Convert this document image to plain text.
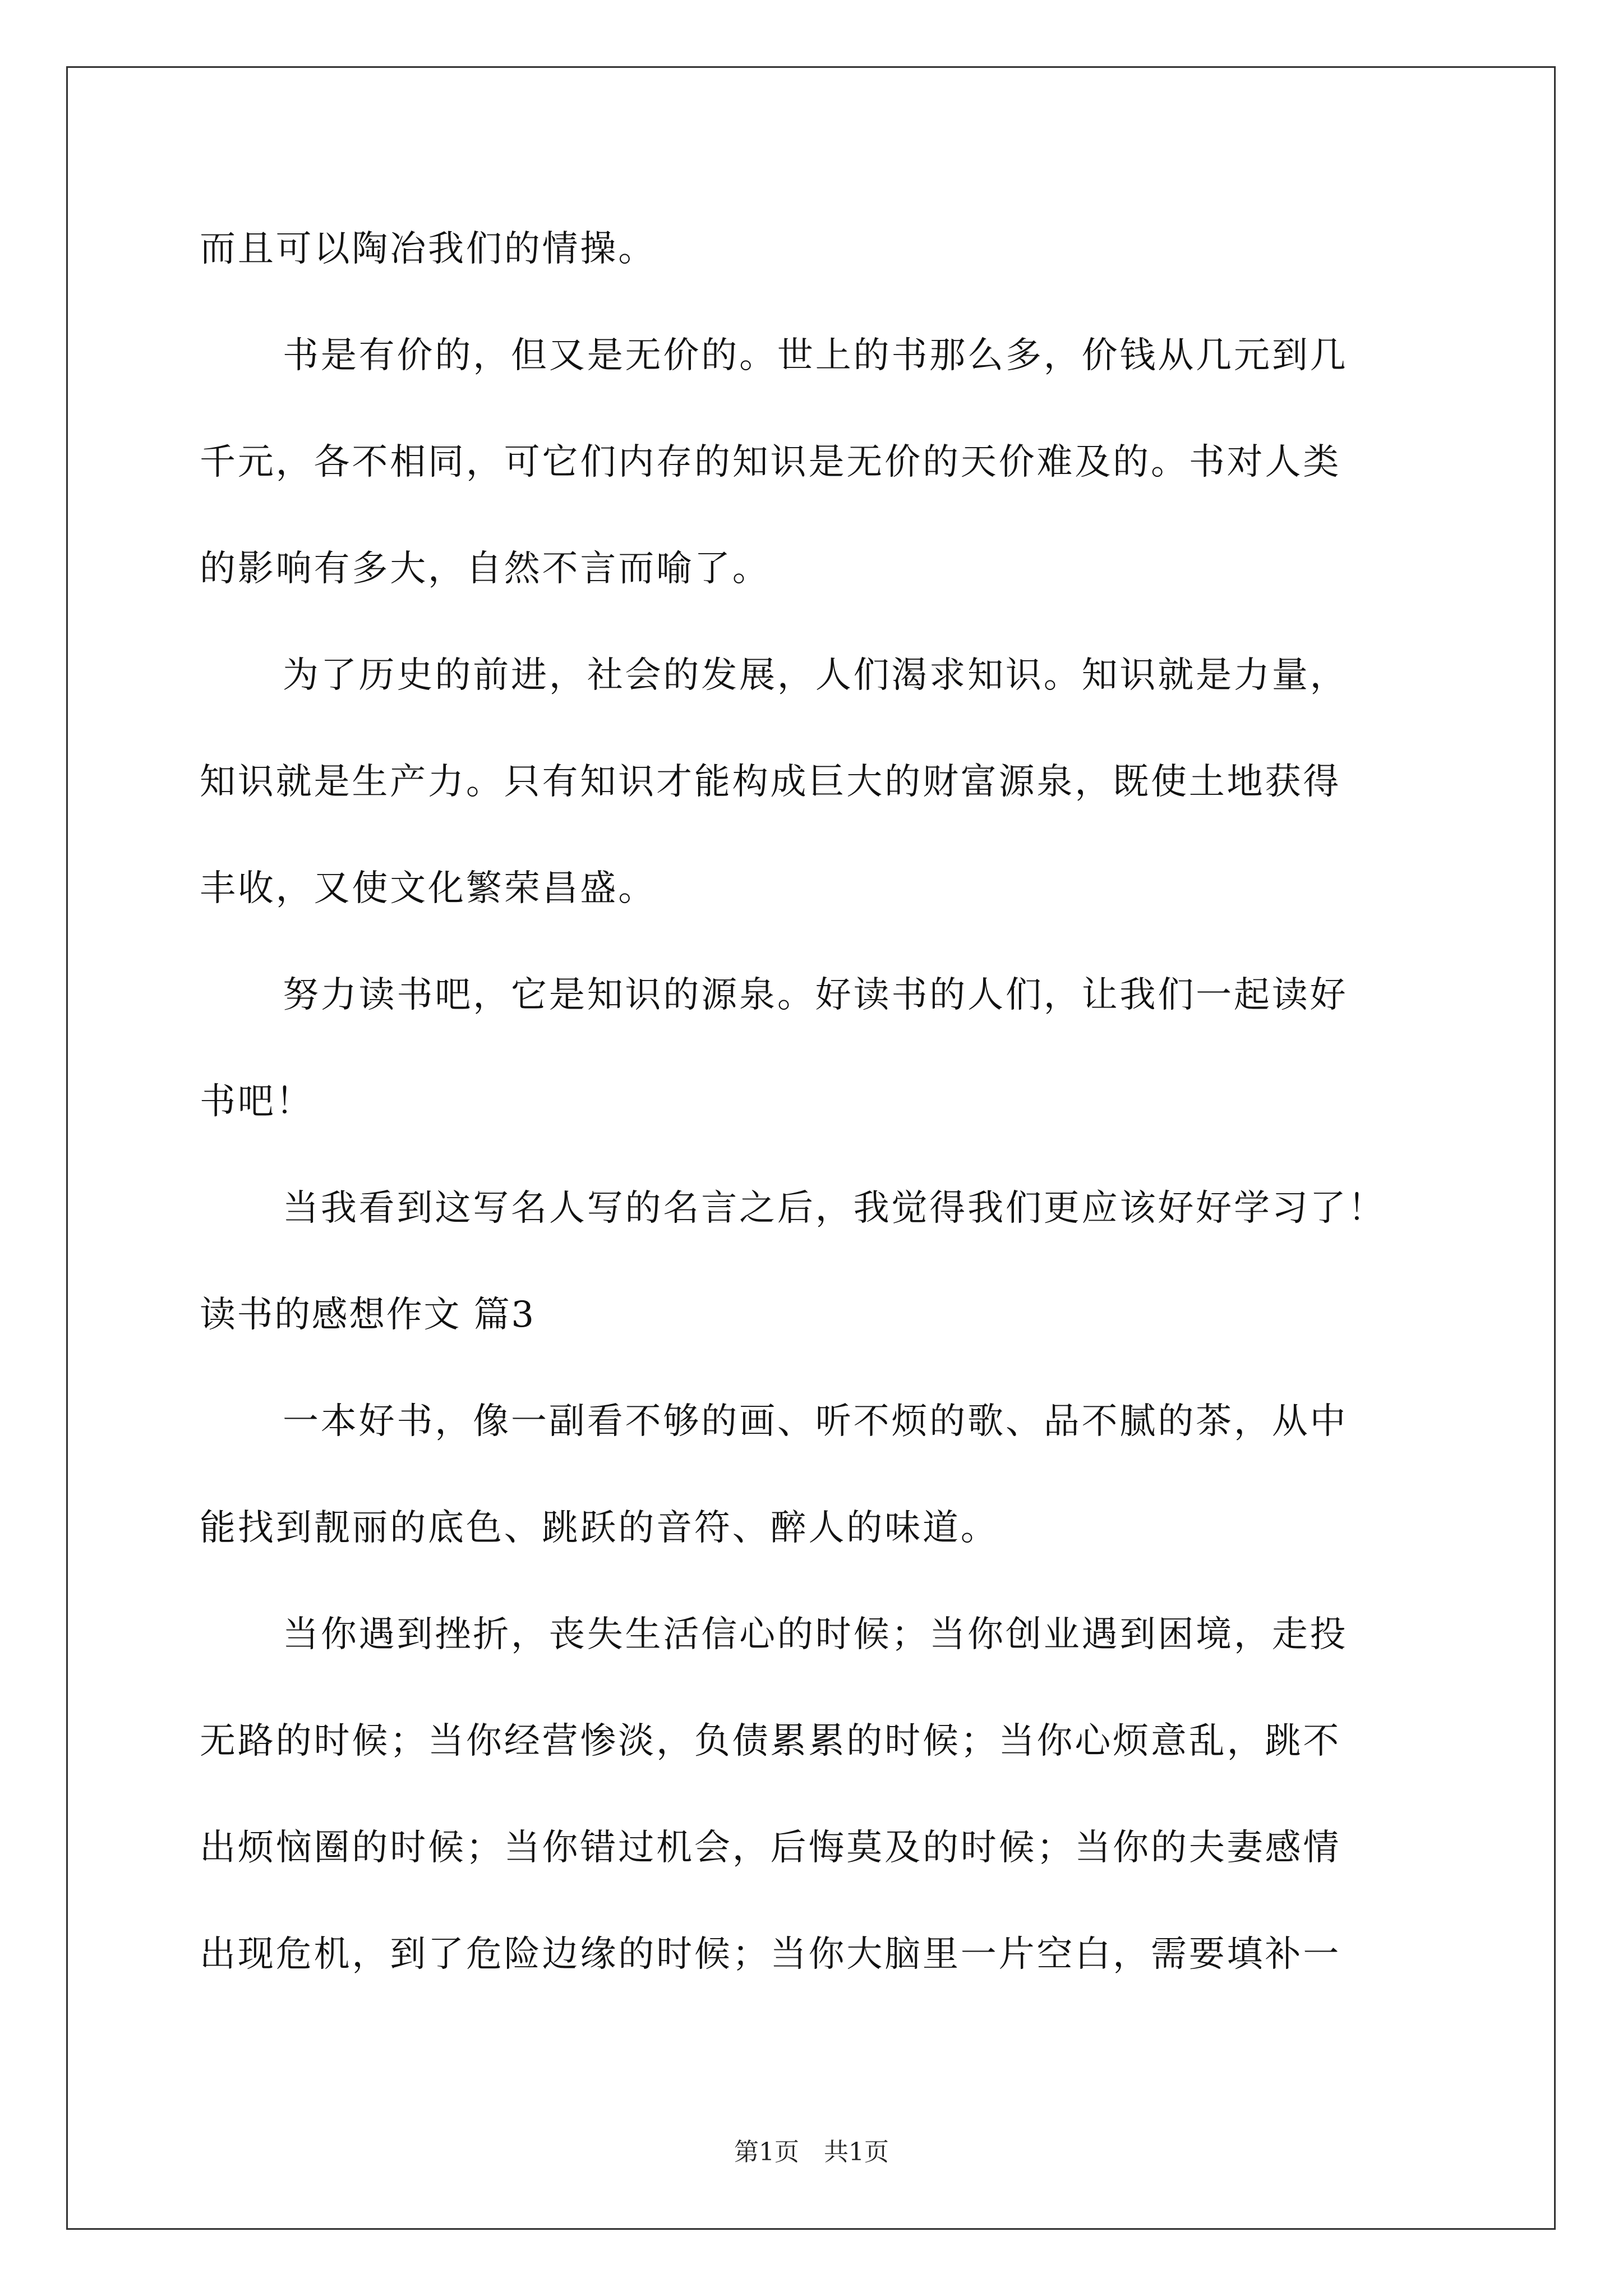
而且可以陶冶我们的情操。
书是有价的，但又是无价的。世上的书那么多，价钱从几元到几
千元，各不相同，可它们内存的知识是无价的天价难及的。书对人类
的影响有多大，自然不言而喻了。
为了历史的前进，社会的发展，人们渴求知识。知识就是力量，
知识就是生产力。只有知识才能构成巨大的财富源泉，既使土地获得
丰收，又使文化繁荣昌盛。
努力读书吧，它是知识的源泉。好读书的人们，让我们一起读好
书吧！
当我看到这写名人写的名言之后，我觉得我们更应该好好学习了！
读书的感想作文 篇3
一本好书，像一副看不够的画、听不烦的歌、品不腻的茶，从中
能找到靓丽的底色、跳跃的音符、醉人的味道。
当你遇到挫折，丧失生活信心的时候；当你创业遇到困境，走投
无路的时候；当你经营惨淡，负债累累的时候；当你心烦意乱，跳不
出烦恼圈的时候；当你错过机会，后悔莫及的时候；当你的夫妻感情
出现危机，到了危险边缘的时候；当你大脑里一片空白，需要填补一
第1页　共1页
